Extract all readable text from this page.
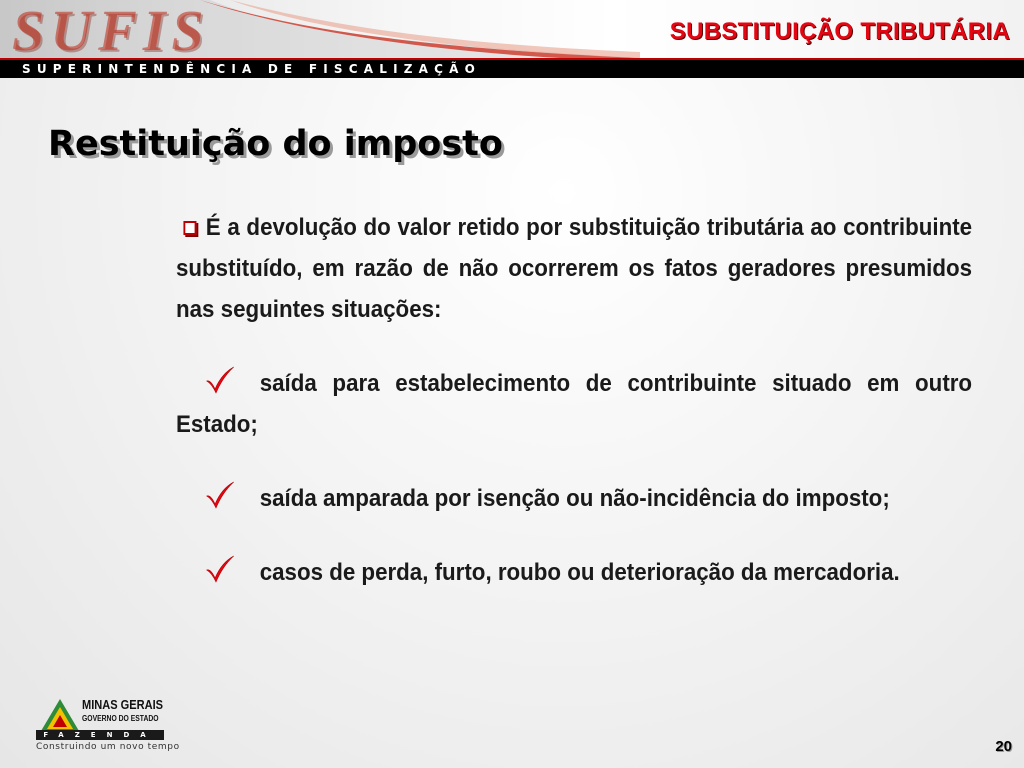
SUFIS	SUBSTITUIÇÃO TRIBUTÁRIA
SUPERINTENDÊNCIA DE FISCALIZAÇÃO
Restituição do imposto

É a devolução do valor retido por substituição tributária ao contribuinte substituído, em razão de não ocorrerem os fatos geradores presumidos nas seguintes situações:

saída para estabelecimento de contribuinte situado em outro Estado;

saída amparada por isenção ou não-incidência do imposto;

casos de perda, furto, roubo ou deterioração da mercadoria.

MINAS GERAIS
GOVERNO DO ESTADO
FAZENDA
Construindo um novo tempo	20
